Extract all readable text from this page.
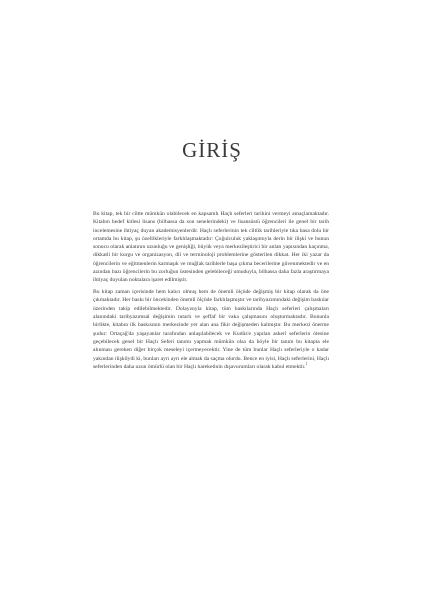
GİRİŞ

Bu kitap, tek bir ciltte mümkün olabilecek en kapsamlı Haçlı seferleri tarihini vermeyi amaçlamaktadır. Kitabın hedef kitlesi lisans (bilhassa da son senelerindeki) ve lisansüstü öğrencileri ile genel bir tarih incelemesine ihtiyaç duyan akademisyenlerdir. Haçlı seferlerinin tek ciltlik tarihleriyle tıka basa dolu bir ortamda bu kitap, şu özellikleriyle farklılaşmaktadır: Çoğulculuk yaklaşımıyla derin bir ilişki ve bunun sonucu olarak anlatının uzunluğu ve genişliği, büyük veya merkezileştirici bir anlatı yapısından kaçınma, dikkatli bir kurgu ve organizasyon, dil ve terminoloji problemlerine gösterilen dikkat. Her iki yazar da öğrencilerin ve eğitmenlerin karmaşık ve muğlak tarihlerle başa çıkma becerilerine güvenmektedir ve en azından bazı öğrencilerin bu zorluğun üstesinden gelebileceği umuduyla, bilhassa daha fazla araştırmaya ihtiyaç duyulan noktalara işaret edilmiştir.

Bu kitap zaman içerisinde hem kalıcı olmuş hem de önemli ölçüde değişmiş bir kitap olarak da öne çıkmaktadır. Her baskı bir öncekinden önemli ölçüde farklılaşmıştır ve tarihyazımındaki değişim baskılar üzerinden takip edilebilmektedir. Dolayısıyla kitap, tüm baskılarında Haçlı seferleri çalışmaları alanındaki tarihyazımsal değişimin tutarlı ve şeffaf bir vaka çalışmasını oluşturmaktadır. Bununla birlikte, kitabın ilk baskısının merkezinde yer alan ana fikir değişmeden kalmıştır. Bu merkezi önerme şudur: Ortaçağ'da yaşayanlar tarafından anlaşılabilecek ve Kudüs'e yapılan askerî seferlerin ötesine geçebilecek genel bir Haçlı Seferi tanımı yapmak mümkün olsa da böyle bir tanım bu kitapta ele alınması gereken diğer birçok meseleyi içermeyecektir. Yine de tüm bunlar Haçlı seferleriyle o kadar yakından ilişkilydi ki, bunları ayrı ayrı ele almak da saçma olurdu. Bence en iyisi, Haçlı seferlerini, Haçlı seferlerinden daha uzun ömürlü olan bir Haçlı hareketinin dışavurumları olarak kabul etmektir.$^1$
